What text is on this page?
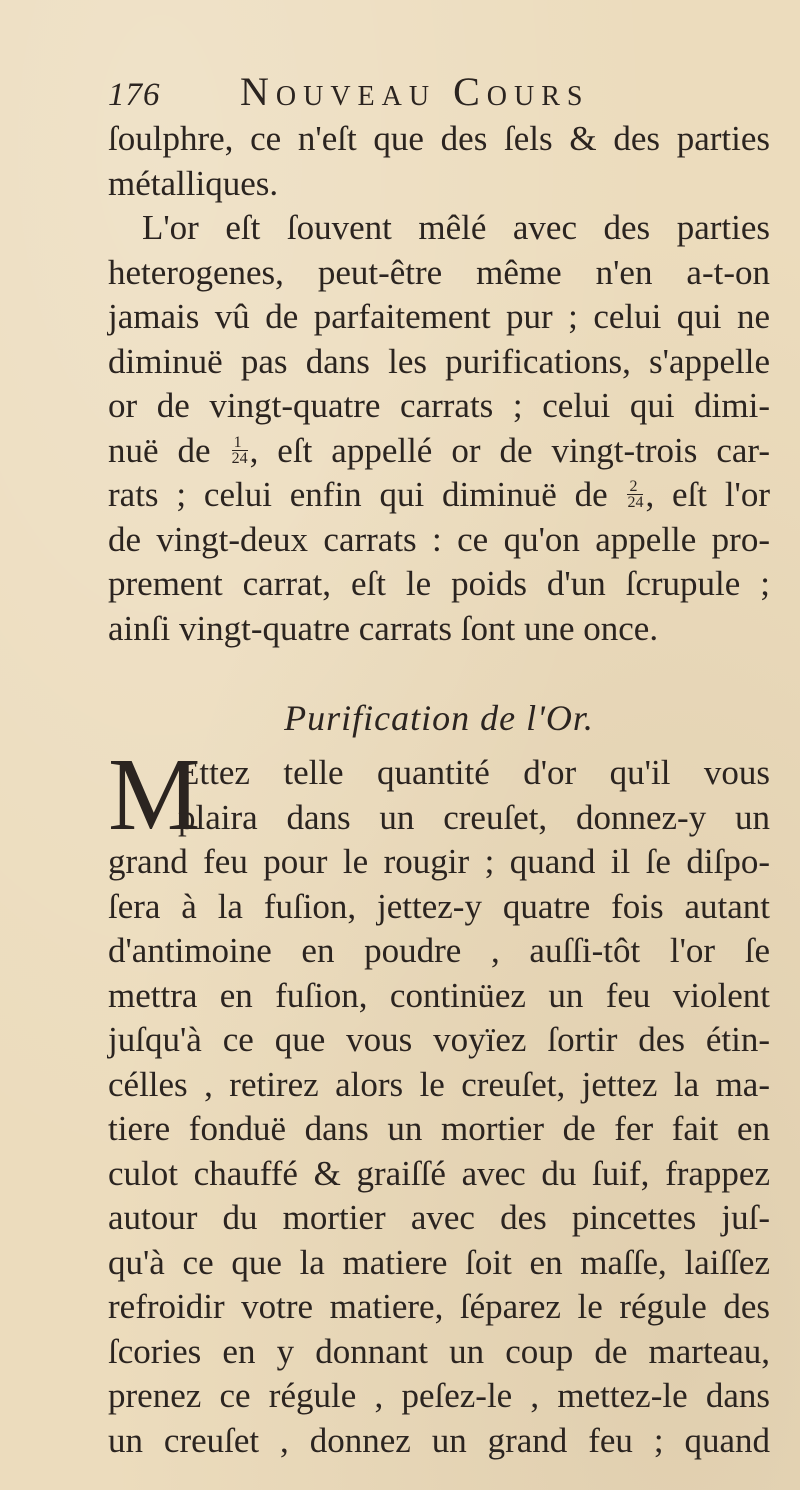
176	Nouveau Cours
ſoulphre, ce n'eſt que des ſels & des parties
métalliques.
L'or eſt ſouvent mêlé avec des parties
heterogenes, peut-être même n'en a-t-on
jamais vû de parfaitement pur ; celui qui ne
diminuë pas dans les purifications, s'appelle
or de vingt-quatre carrats ; celui qui dimi-
nuë de $\frac{1}{24}$ , eſt appellé or de vingt-trois car-
rats ; celui enfin qui diminuë de $\frac{2}{24}$ , eſt l'or
de vingt-deux carrats : ce qu'on appelle pro-
prement carrat, eſt le poids d'un ſcrupule ;
ainſi vingt-quatre carrats ſont une once.
Purification de l'Or.
M
Ettez telle quantité d'or qu'il vous
plaira dans un creuſet, donnez-y un
grand feu pour le rougir ; quand il ſe diſpo-
ſera à la fuſion, jettez-y quatre fois autant
d'antimoine en poudre , auſſi-tôt l'or ſe
mettra en fuſion, continüez un feu violent
juſqu'à ce que vous voyïez ſortir des étin-
célles , retirez alors le creuſet, jettez la ma-
tiere fonduë dans un mortier de fer fait en
culot chauffé & graiſſé avec du ſuif, frappez
autour du mortier avec des pincettes juſ-
qu'à ce que la matiere ſoit en maſſe, laiſſez
refroidir votre matiere, ſéparez le régule des
ſcories en y donnant un coup de marteau,
prenez ce régule , peſez-le , mettez-le dans
un creuſet , donnez un grand feu ; quand
